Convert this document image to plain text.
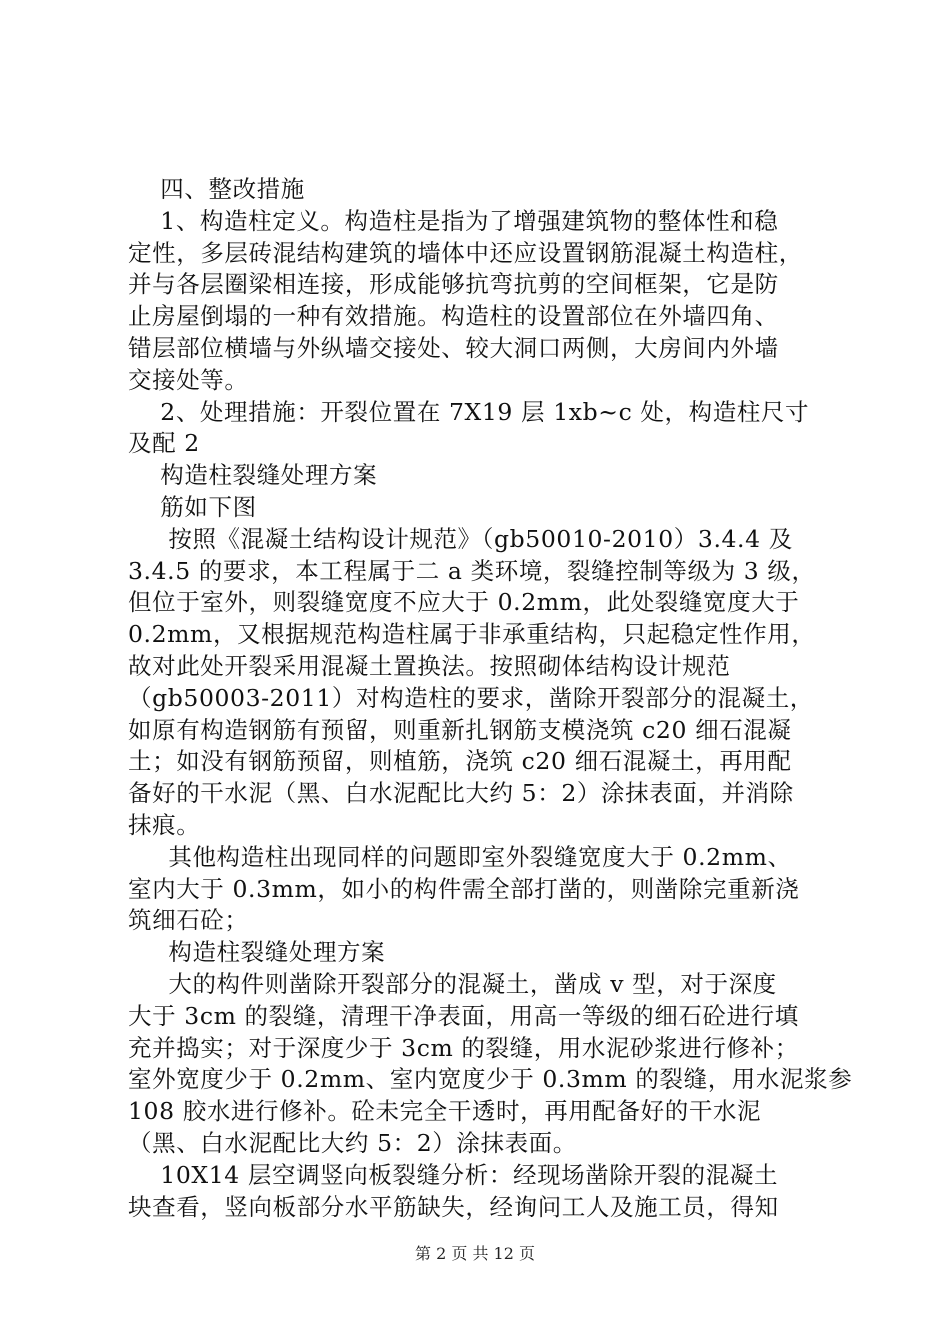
四、整改措施
1、构造柱定义。构造柱是指为了增强建筑物的整体性和稳
定性，多层砖混结构建筑的墙体中还应设置钢筋混凝土构造柱，
并与各层圈梁相连接，形成能够抗弯抗剪的空间框架，它是防
止房屋倒塌的一种有效措施。构造柱的设置部位在外墙四角、
错层部位横墙与外纵墙交接处、较大洞口两侧，大房间内外墙
交接处等。
2、处理措施：开裂位置在 7X19 层 1xb~c 处，构造柱尺寸
及配 2
构造柱裂缝处理方案
筋如下图
按照《混凝土结构设计规范》（gb50010-2010）3.4.4 及
3.4.5 的要求，本工程属于二 a 类环境，裂缝控制等级为 3 级，
但位于室外，则裂缝宽度不应大于 0.2mm，此处裂缝宽度大于
0.2mm，又根据规范构造柱属于非承重结构，只起稳定性作用，
故对此处开裂采用混凝土置换法。按照砌体结构设计规范
（gb50003-2011）对构造柱的要求，凿除开裂部分的混凝土，
如原有构造钢筋有预留，则重新扎钢筋支模浇筑 c20 细石混凝
土；如没有钢筋预留，则植筋，浇筑 c20 细石混凝土，再用配
备好的干水泥（黑、白水泥配比大约 5：2）涂抹表面，并消除
抹痕。
其他构造柱出现同样的问题即室外裂缝宽度大于 0.2mm、
室内大于 0.3mm，如小的构件需全部打凿的，则凿除完重新浇
筑细石砼；
构造柱裂缝处理方案
大的构件则凿除开裂部分的混凝土，凿成 v 型，对于深度
大于 3cm 的裂缝，清理干净表面，用高一等级的细石砼进行填
充并捣实；对于深度少于 3cm 的裂缝，用水泥砂浆进行修补；
室外宽度少于 0.2mm、室内宽度少于 0.3mm 的裂缝，用水泥浆参
108 胶水进行修补。砼未完全干透时，再用配备好的干水泥
（黑、白水泥配比大约 5：2）涂抹表面。
10X14 层空调竖向板裂缝分析：经现场凿除开裂的混凝土
块查看，竖向板部分水平筋缺失，经询问工人及施工员，得知
第 2 页 共 12 页
